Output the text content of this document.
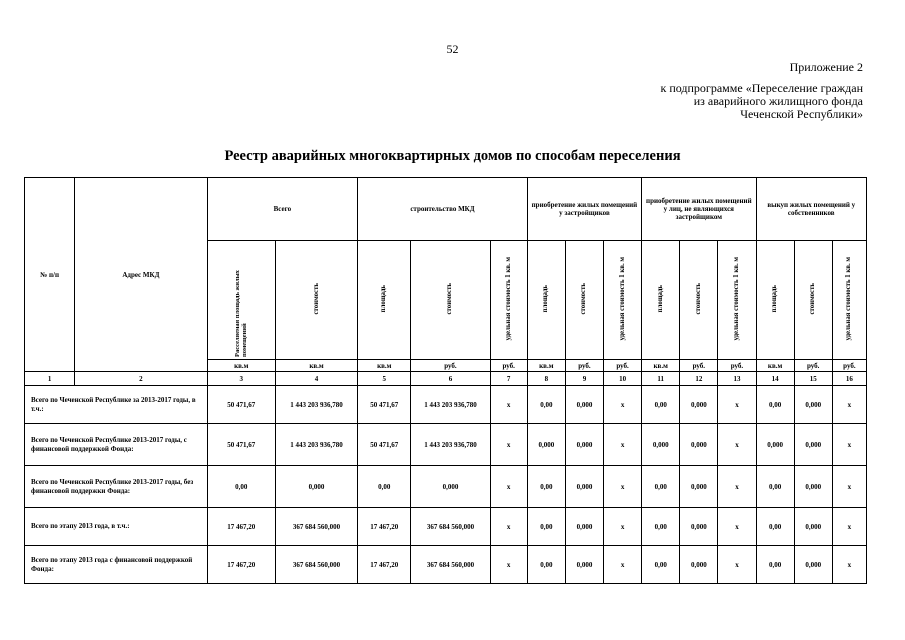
52
Приложение 2
к подпрограмме «Переселение граждан
из аварийного жилищного фонда
Чеченской Республики»
Реестр аварийных многоквартирных домов по способам переселения
№ п/п	Адрес МКД	Всего		строительство МКД			приобретение жилых помещений у застройщиков			приобретение жилых помещений у лиц, не являющихся застройщиком			выкуп жилых помещений у собственников		
		Расселяемая площадь жилых помещений	стоимость	площадь	стоимость	удельная стоимость 1 кв. м	площадь	стоимость	удельная стоимость 1 кв. м	площадь	стоимость	удельная стоимость 1 кв. м	площадь	стоимость	удельная стоимость 1 кв. м
		кв.м	кв.м	кв.м	руб.	руб.	кв.м	руб.	руб.	кв.м	руб.	руб.	кв.м	руб.	руб.
1	2	3	4	5	6	7	8	9	10	11	12	13	14	15	16
Всего по Чеченской Республике за 2013-2017 годы, в т.ч.:		50 471,67	1 443 203 936,780	50 471,67	1 443 203 936,780	х	0,00	0,000	х	0,00	0,000	х	0,00	0,000	х
Всего по Чеченской Республике 2013-2017 годы, с финансовой поддержкой Фонда:		50 471,67	1 443 203 936,780	50 471,67	1 443 203 936,780	х	0,000	0,000	х	0,000	0,000	х	0,000	0,000	х
Всего по Чеченской Республике 2013-2017 годы, без финансовой поддержки Фонда:		0,00	0,000	0,00	0,000	х	0,00	0,000	х	0,00	0,000	х	0,00	0,000	х
Всего по этапу 2013 года, в т.ч.:		17 467,20	367 684 560,000	17 467,20	367 684 560,000	х	0,00	0,000	х	0,00	0,000	х	0,00	0,000	х
Всего по этапу 2013 года с финансовой поддержкой Фонда:		17 467,20	367 684 560,000	17 467,20	367 684 560,000	х	0,00	0,000	х	0,00	0,000	х	0,00	0,000	х
